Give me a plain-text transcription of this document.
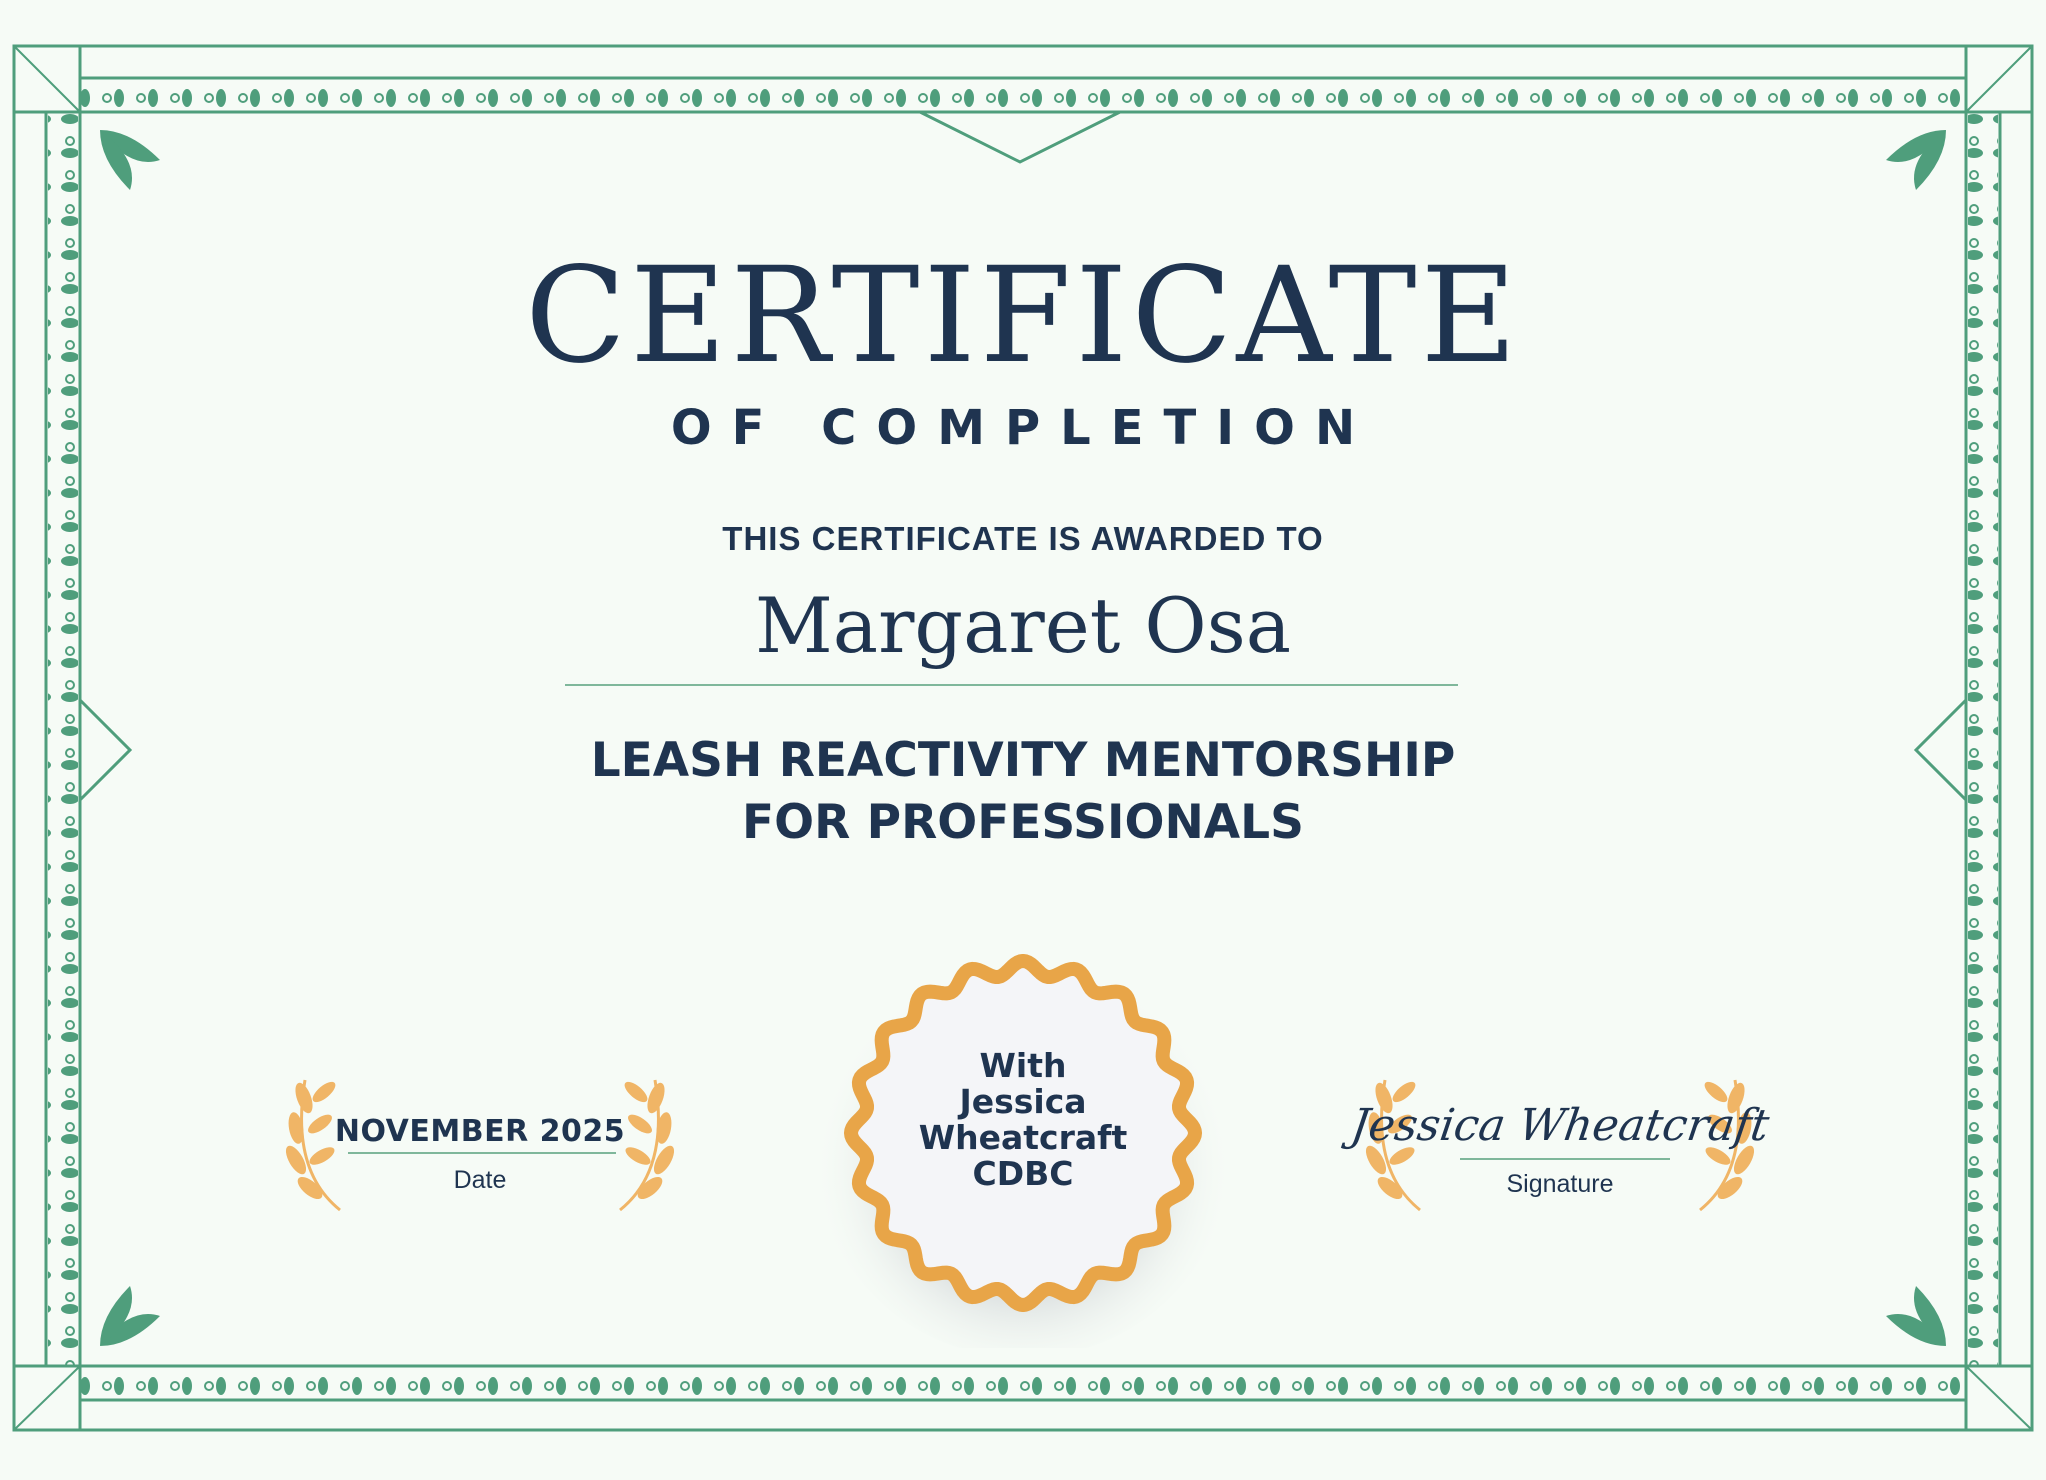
CERTIFICATE
OF COMPLETION
THIS CERTIFICATE IS AWARDED TO
Margaret Osa
LEASH REACTIVITY MENTORSHIP
FOR PROFESSIONALS
With
Jessica
Wheatcraft
CDBC
NOVEMBER 2025
Date
Jessica Wheatcraft
Signature
